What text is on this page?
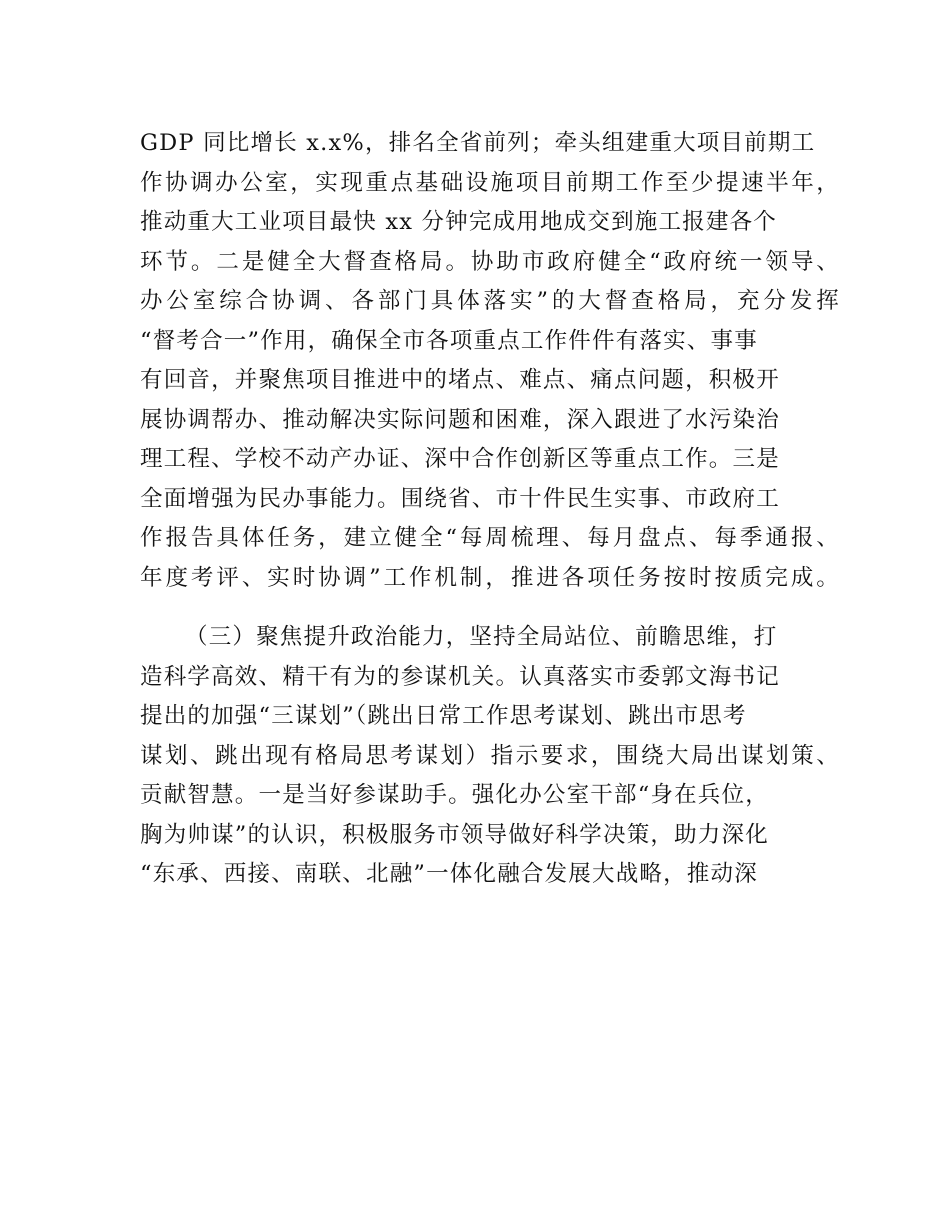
GDP 同比增长 x.x%，排名全省前列；牵头组建重大项目前期工
作协调办公室，实现重点基础设施项目前期工作至少提速半年，
推动重大工业项目最快 xx 分钟完成用地成交到施工报建各个
环节。二是健全大督查格局。协助市政府健全“政府统一领导、
办公室综合协调、各部门具体落实”的大督查格局，充分发挥
“督考合一”作用，确保全市各项重点工作件件有落实、事事
有回音，并聚焦项目推进中的堵点、难点、痛点问题，积极开
展协调帮办、推动解决实际问题和困难，深入跟进了水污染治
理工程、学校不动产办证、深中合作创新区等重点工作。三是
全面增强为民办事能力。围绕省、市十件民生实事、市政府工
作报告具体任务，建立健全“每周梳理、每月盘点、每季通报、
年度考评、实时协调”工作机制，推进各项任务按时按质完成。
（三）聚焦提升政治能力，坚持全局站位、前瞻思维，打
造科学高效、精干有为的参谋机关。认真落实市委郭文海书记
提出的加强“三谋划”（跳出日常工作思考谋划、跳出市思考
谋划、跳出现有格局思考谋划）指示要求，围绕大局出谋划策、
贡献智慧。一是当好参谋助手。强化办公室干部“身在兵位，
胸为帅谋”的认识，积极服务市领导做好科学决策，助力深化
“东承、西接、南联、北融”一体化融合发展大战略，推动深
